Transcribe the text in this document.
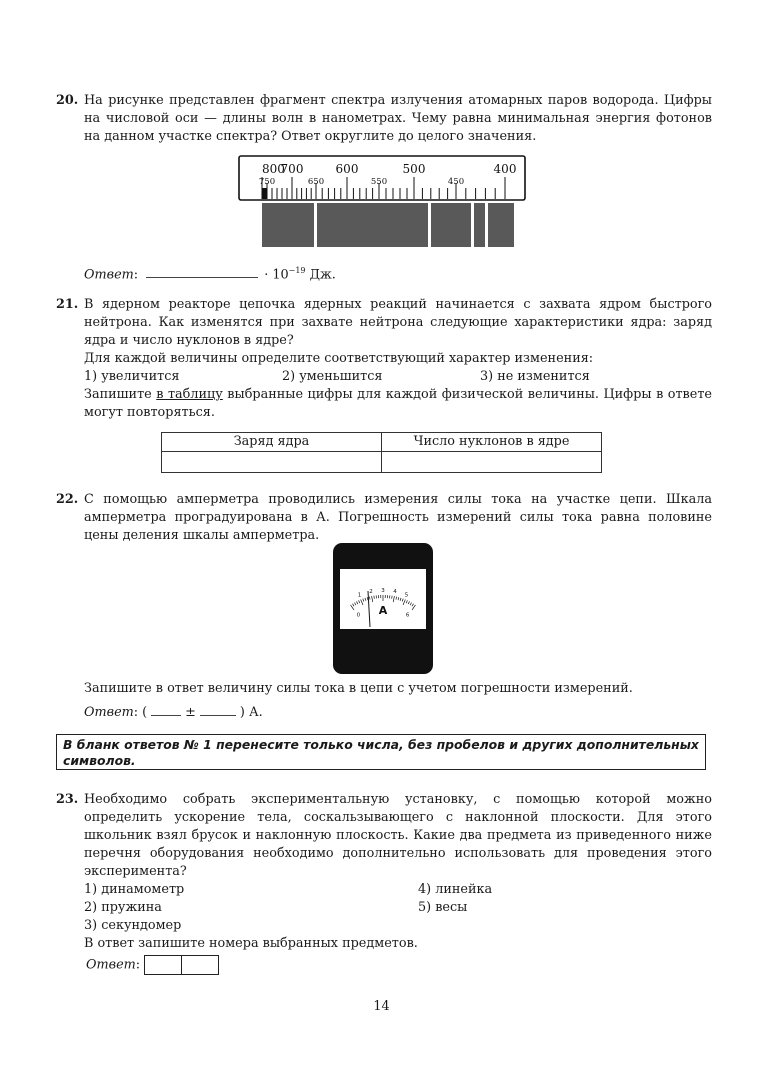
20. На рисунке представлен фрагмент спектра излучения атомарных паров водорода. Цифры на числовой оси — длины волн в нанометрах. Чему равна минимальная энергия фотонов на данном участке спектра? Ответ округлите до целого значения.

800
700	600	500	400
750	650	550	450
Ответ:	· $10^{-19}$ Дж.
21. В ядерном реакторе цепочка ядерных реакций начинается с захвата ядром быстрого нейтрона. Как изменятся при захвате нейтрона следующие характеристики ядра: заряд ядра и число нуклонов в ядре?

Для каждой величины определите соответствующий характер изменения:

1) увеличится	2) уменьшится	3) не изменится

Запишите в таблицу выбранные цифры для каждой физической величины. Цифры в ответе могут повторяться.

Заряд ядра	Число нуклонов в ядре

22. С помощью амперметра проводились измерения силы тока на участке цепи. Шкала амперметра проградуирована в А. Погрешность измерений силы тока равна половине цены деления шкалы амперметра.

0
1
2 3 4
5
6
A
Запишите в ответ величину силы тока в цепи с учетом погрешности измерений.
Ответ: (	±	) А.
В бланк ответов № 1 перенесите только числа, без пробелов и других дополнительных символов.
23. Необходимо собрать экспериментальную установку, с помощью которой можно определить ускорение тела, соскальзывающего с наклонной плоскости. Для этого школьник взял брусок и наклонную плоскость. Какие два предмета из приведенного ниже перечня оборудования необходимо дополнительно использовать для проведения этого эксперимента?

1) динамометр
2) пружина
3) секундомер
4) линейка
5) весы

В ответ запишите номера выбранных предметов.

Ответ:
14
